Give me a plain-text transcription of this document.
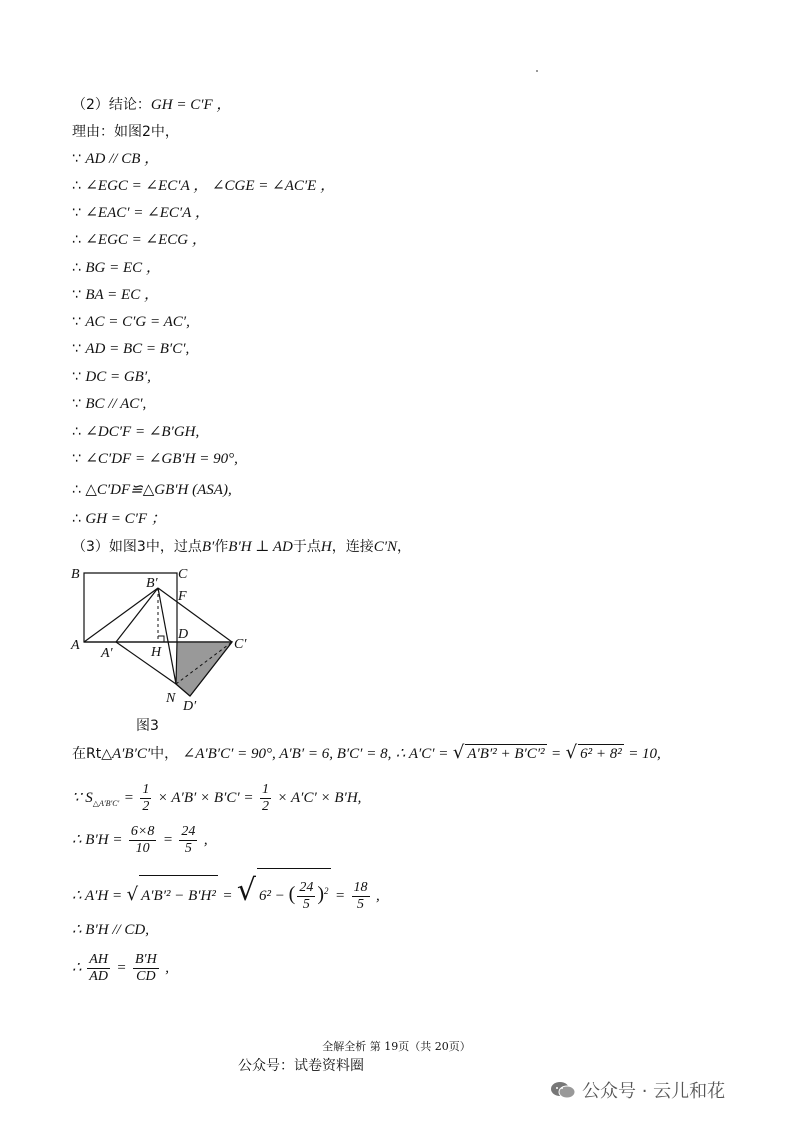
（2）结论：GH = C′F ，
理由：如图2中，
∵ AD // CB ，
∴ ∠EGC = ∠EC′A ， ∠CGE = ∠AC′E ，
∵ ∠EAC′ = ∠EC′A ，
∴ ∠EGC = ∠ECG ，
∴ BG = EC ，
∵ BA = EC ，
∵ AC = C′G = AC′,
∵ AD = BC = B′C′,
∵ DC = GB′,
∵ BC // AC′,
∴ ∠DC′F = ∠B′GH,
∵ ∠C′DF = ∠GB′H = 90°,
∴ △C′DF≌△GB′H (ASA),
∴ GH = C′F ；
（3）如图3中，过点B′作B′H ⊥ AD于点H，连接C′N，
B	C
B′
F
A
A′	H
D
C′
N
D′
图3
在Rt△A′B′C′中， ∠A′B′C′ = 90°, A′B′ = 6, B′C′ = 8, ∴ A′C′ = √ A′B′² + B′C′² = √ 6² + 8² = 10,
∵ $S_{\triangle A'B'C'} = \frac{1}{2} \times A'B' \times B'C' = \frac{1}{2} \times A'C' \times B'H$,
∴ $B'H = \frac{6\times 8}{10} = \frac{24}{5}$ ,
∴ A′H = √ A′B′² − B′H² = √ 6² − ( $\frac{24}{5} )^2 = \frac{18}{5}$ ,
∴ B′H // CD,
∴ $\frac{AH}{AD} = \frac{B'H}{CD}$ ,
全解全析 第 19页（共 20页）
公众号：试卷资料圈
公众号 · 云儿和花
